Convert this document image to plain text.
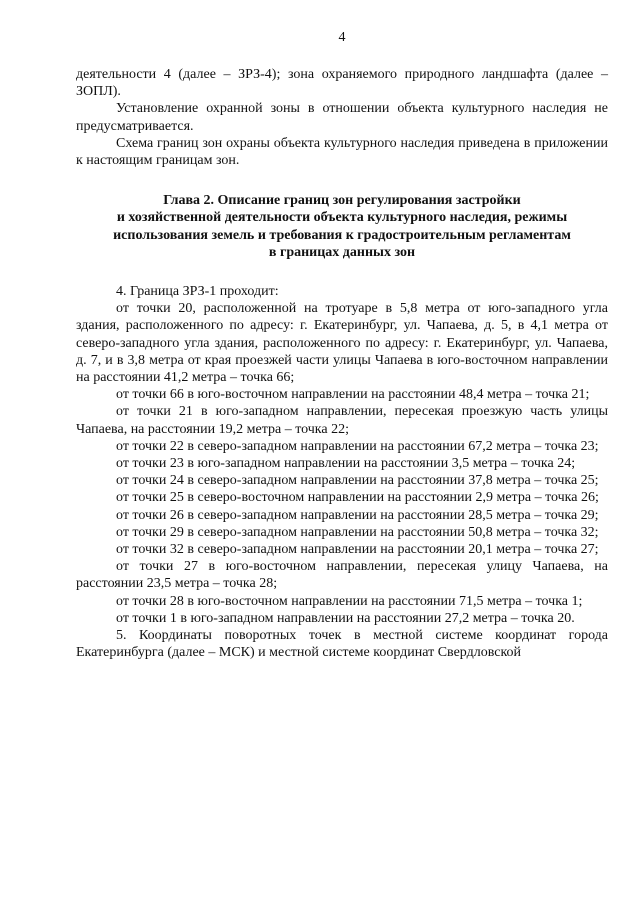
4

деятельности 4 (далее – ЗРЗ-4); зона охраняемого природного ландшафта (далее – ЗОПЛ).

Установление охранной зоны в отношении объекта культурного наследия не предусматривается.

Схема границ зон охраны объекта культурного наследия приведена в приложении к настоящим границам зон.

Глава 2. Описание границ зон регулирования застройки
и хозяйственной деятельности объекта культурного наследия, режимы
использования земель и требования к градостроительным регламентам
в границах данных зон

4. Граница ЗРЗ-1 проходит:

от точки 20, расположенной на тротуаре в 5,8 метра от юго-западного угла здания, расположенного по адресу: г. Екатеринбург, ул. Чапаева, д. 5, в 4,1 метра от северо-западного угла здания, расположенного по адресу: г. Екатеринбург, ул. Чапаева, д. 7, и в 3,8 метра от края проезжей части улицы Чапаева в юго-восточном направлении на расстоянии 41,2 метра – точка 66;

от точки 66 в юго-восточном направлении на расстоянии 48,4 метра – точка 21;

от точки 21 в юго-западном направлении, пересекая проезжую часть улицы Чапаева, на расстоянии 19,2 метра – точка 22;

от точки 22 в северо-западном направлении на расстоянии 67,2 метра – точка 23;

от точки 23 в юго-западном направлении на расстоянии 3,5 метра – точка 24;

от точки 24 в северо-западном направлении на расстоянии 37,8 метра – точка 25;

от точки 25 в северо-восточном направлении на расстоянии 2,9 метра – точка 26;

от точки 26 в северо-западном направлении на расстоянии 28,5 метра – точка 29;

от точки 29 в северо-западном направлении на расстоянии 50,8 метра – точка 32;

от точки 32 в северо-западном направлении на расстоянии 20,1 метра – точка 27;

от точки 27 в юго-восточном направлении, пересекая улицу Чапаева, на расстоянии 23,5 метра – точка 28;

от точки 28 в юго-восточном направлении на расстоянии 71,5 метра – точка 1;

от точки 1 в юго-западном направлении на расстоянии 27,2 метра – точка 20.

5. Координаты поворотных точек в местной системе координат города Екатеринбурга (далее – МСК) и местной системе координат Свердловской
